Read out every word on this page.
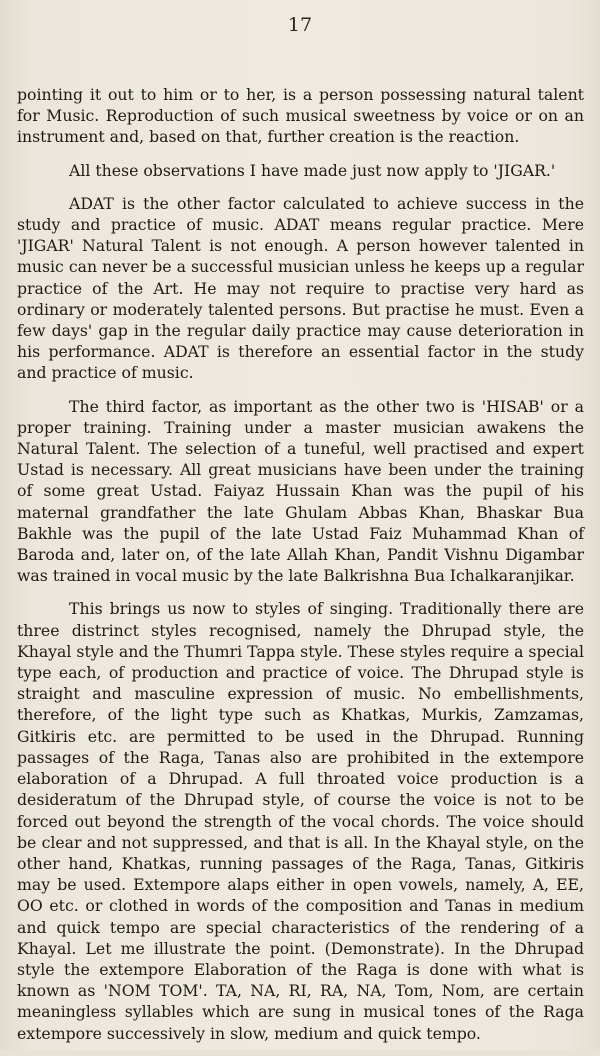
17

pointing it out to him or to her, is a person possessing natural talent for Music. Reproduction of such musical sweetness by voice or on an instrument and, based on that, further creation is the reaction.

All these observations I have made just now apply to 'JIGAR.'

ADAT is the other factor calculated to achieve success in the study and practice of music. ADAT means regular practice. Mere 'JIGAR' Natural Talent is not enough. A person however talented in music can never be a successful musician unless he keeps up a regular practice of the Art. He may not require to practise very hard as ordinary or moderately talented persons. But practise he must. Even a few days' gap in the regular daily practice may cause deterioration in his performance. ADAT is therefore an essential factor in the study and practice of music.

The third factor, as important as the other two is 'HISAB' or a proper training. Training under a master musician awakens the Natural Talent. The selection of a tuneful, well practised and expert Ustad is necessary. All great musicians have been under the training of some great Ustad. Faiyaz Hussain Khan was the pupil of his maternal grandfather the late Ghulam Abbas Khan, Bhaskar Bua Bakhle was the pupil of the late Ustad Faiz Muhammad Khan of Baroda and, later on, of the late Allah Khan, Pandit Vishnu Digambar was trained in vocal music by the late Balkrishna Bua Ichalkaranjikar.

This brings us now to styles of singing. Traditionally there are three distrinct styles recognised, namely the Dhrupad style, the Khayal style and the Thumri Tappa style. These styles require a special type each, of production and practice of voice. The Dhrupad style is straight and masculine expression of music. No embellishments, therefore, of the light type such as Khatkas, Murkis, Zamzamas, Gitkiris etc. are permitted to be used in the Dhrupad. Running passages of the Raga, Tanas also are prohibited in the extempore elaboration of a Dhrupad. A full throated voice production is a desideratum of the Dhrupad style, of course the voice is not to be forced out beyond the strength of the vocal chords. The voice should be clear and not suppressed, and that is all. In the Khayal style, on the other hand, Khatkas, running passages of the Raga, Tanas, Gitkiris may be used. Extempore alaps either in open vowels, namely, A, EE, OO etc. or clothed in words of the composition and Tanas in medium and quick tempo are special characteristics of the rendering of a Khayal. Let me illustrate the point. (Demonstrate). In the Dhrupad style the extempore Elaboration of the Raga is done with what is known as 'NOM TOM'. TA, NA, RI, RA, NA, Tom, Nom, are certain meaningless syllables which are sung in musical tones of the Raga extempore successively in slow, medium and quick tempo.
